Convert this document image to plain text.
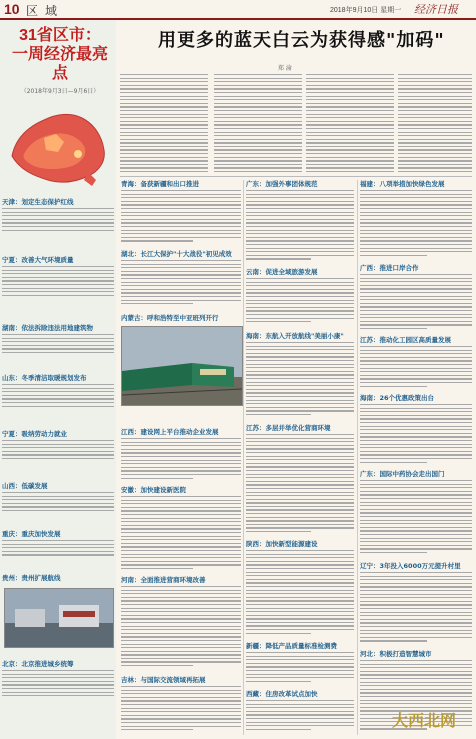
10 区 域	2018年9月10日 星期一 经济日报
31省区市：
一周经济最亮点
（2018年9月3日—9月6日）
天津：划定生态保护红线
宁夏：改善大气环境质量
湖南：依法拆除违法用地建筑物
山东：冬季清洁取暖规划发布
宁夏：吸纳劳动力就业
山西：低碳发展
重庆：重庆加快发展
贵州：贵州扩展航线
北京：北京推进城乡统筹
用更多的蓝天白云为获得感"加码"
郑 渝
青海：备获新疆和出口推进
湖北：长江大保护"十大战役"初见成效
内蒙古：呼和浩特至中亚班列开行
江西：建设网上平台推动企业发展
安徽：加快建设新医院
河南：全面推进营商环境改善
吉林：与国际交流领域再拓展
广东：加强外事团体规范
云南：促进全域旅游发展
海南：东航入开放航线"美丽小康"
江苏：多层并举优化营商环境
陕西：加快新型能源建设
新疆：降低产品质量标准检测费
西藏：住房改革试点加快
福建：八项举措加快绿色发展
广西：推进口岸合作
江苏：推动化工园区高质量发展
海南：26个优惠政策出台
广东：国际中药协会走出国门
辽宁：3年投入6000万元提升村里
河北：积极打造智慧城市
大西北网
